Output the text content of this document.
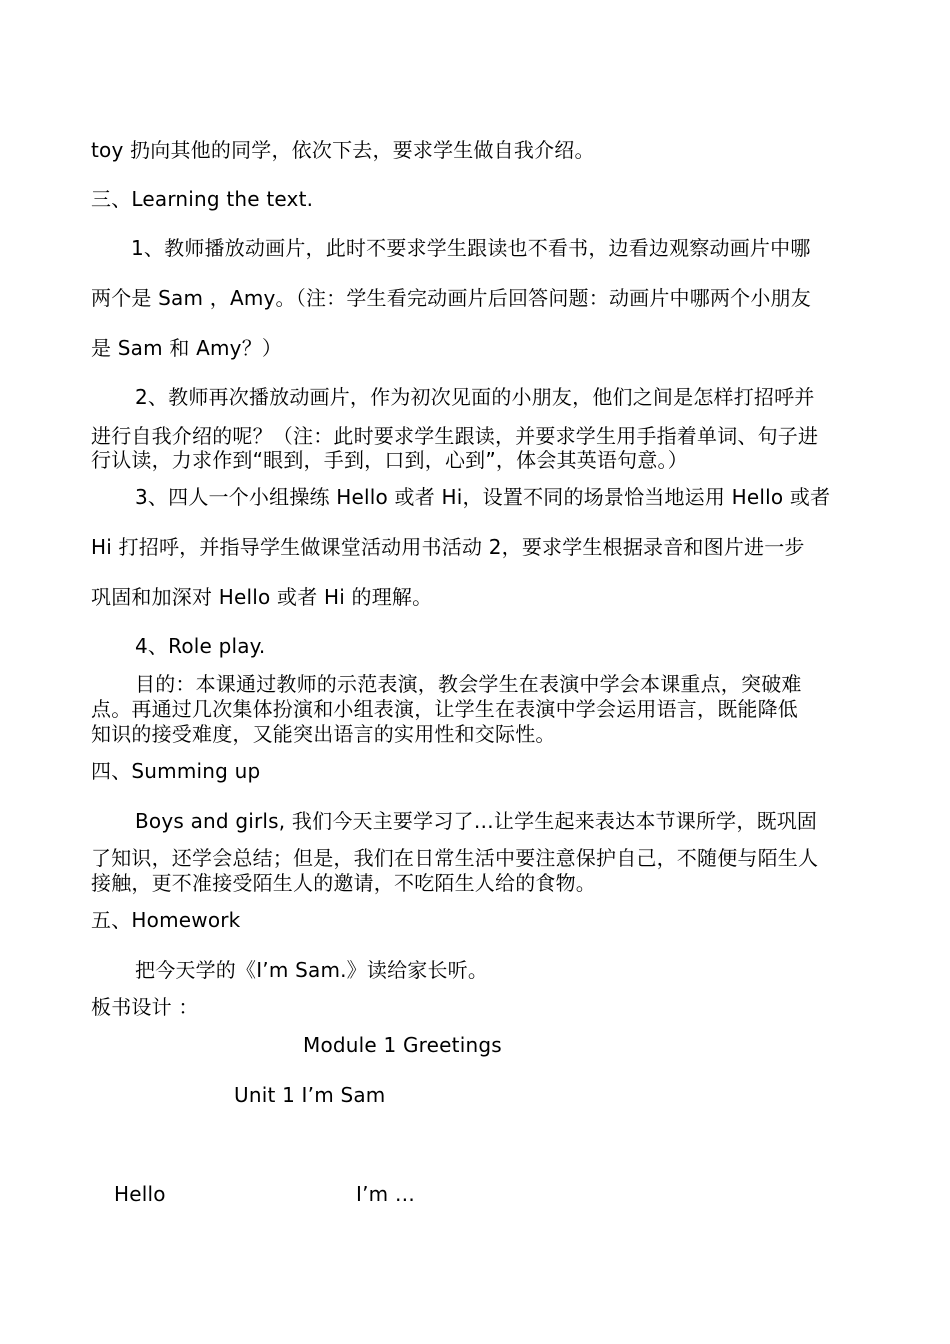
toy 扔向其他的同学，依次下去，要求学生做自我介绍。
三、Learning the text.
1、教师播放动画片，此时不要求学生跟读也不看书，边看边观察动画片中哪
两个是 Sam ，Amy。（注：学生看完动画片后回答问题：动画片中哪两个小朋友
是 Sam 和 Amy？）
2、教师再次播放动画片，作为初次见面的小朋友，他们之间是怎样打招呼并
进行自我介绍的呢？（注：此时要求学生跟读，并要求学生用手指着单词、句子进
行认读，力求作到“眼到，手到，口到，心到”，体会其英语句意。）
3、四人一个小组操练 Hello 或者 Hi，设置不同的场景恰当地运用 Hello 或者
Hi 打招呼，并指导学生做课堂活动用书活动 2，要求学生根据录音和图片进一步
巩固和加深对 Hello 或者 Hi 的理解。
4、Role play.
目的：本课通过教师的示范表演，教会学生在表演中学会本课重点，突破难
点。再通过几次集体扮演和小组表演，让学生在表演中学会运用语言，既能降低
知识的接受难度，又能突出语言的实用性和交际性。
四、Summing up
Boys and girls, 我们今天主要学习了…让学生起来表达本节课所学，既巩固
了知识，还学会总结；但是，我们在日常生活中要注意保护自己，不随便与陌生人
接触，更不准接受陌生人的邀请，不吃陌生人给的食物。
五、Homework
把今天学的《I’m Sam.》读给家长听。
板书设计 ：
Module 1 Greetings
Unit 1 I’m Sam
Hello	I’m …
